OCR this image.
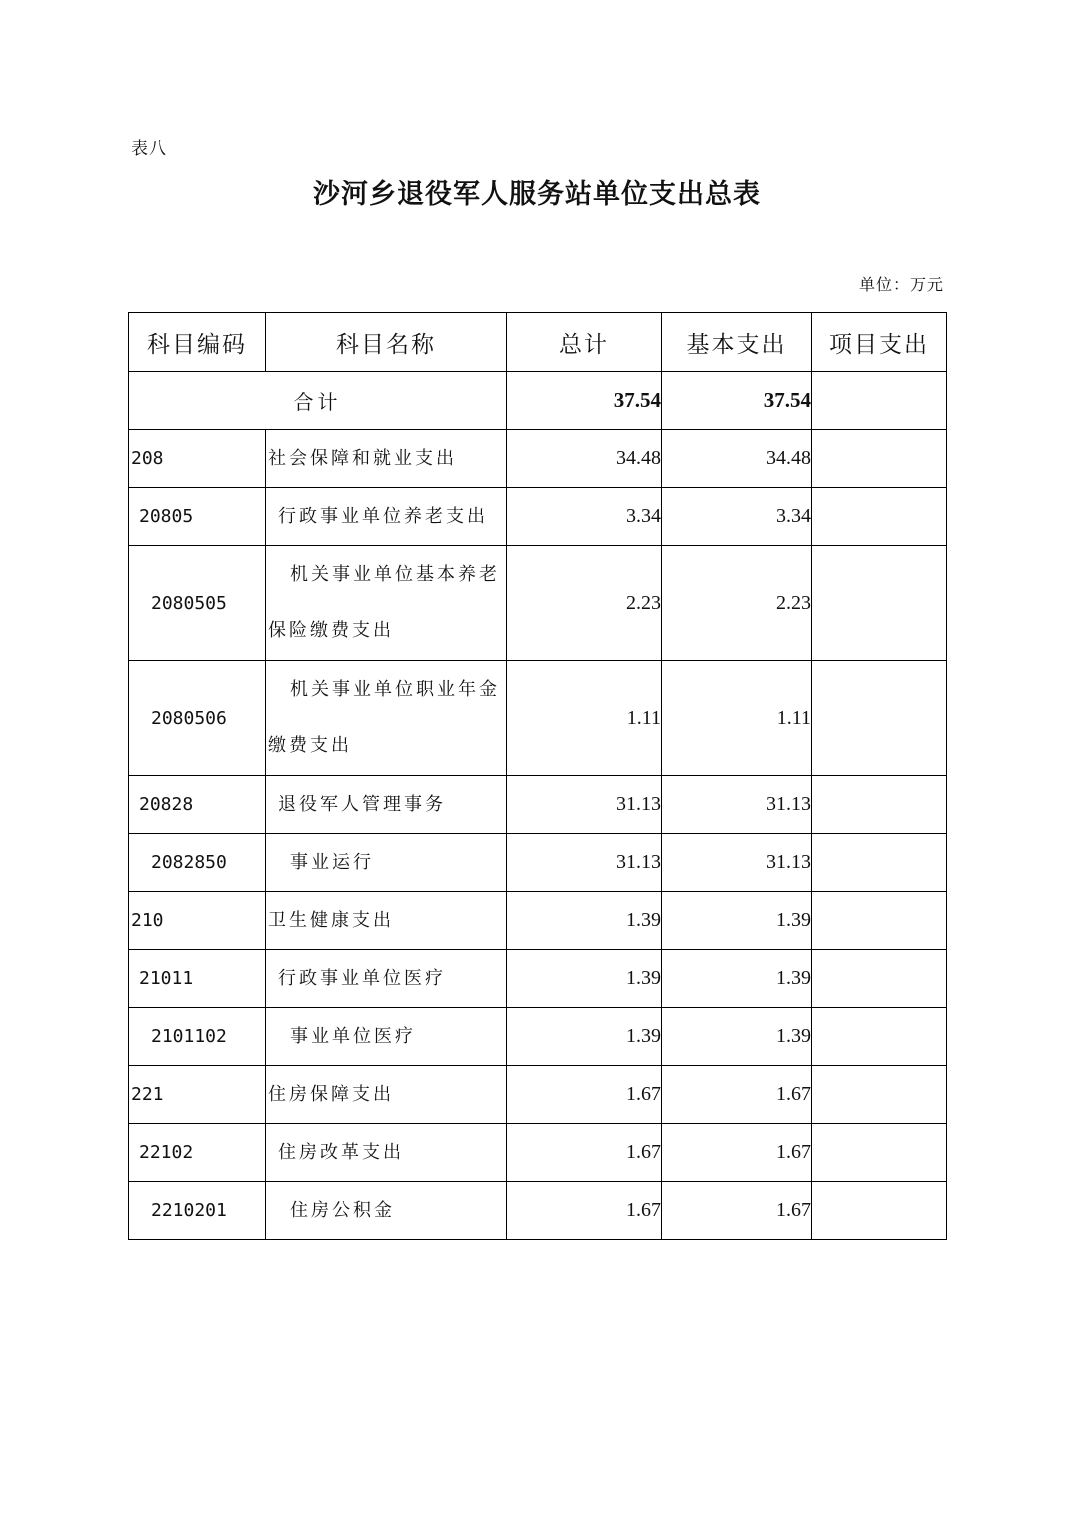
表八
沙河乡退役军人服务站单位支出总表
单位：万元
科目编码	科目名称	总计	基本支出	项目支出
合计		37.54	37.54	
208	社会保障和就业支出	34.48	34.48	
20805	行政事业单位养老支出	3.34	3.34	
2080505	机关事业单位基本养老保险缴费支出	2.23	2.23	
2080506	机关事业单位职业年金缴费支出	1.11	1.11	
20828	退役军人管理事务	31.13	31.13	
2082850	事业运行	31.13	31.13	
210	卫生健康支出	1.39	1.39	
21011	行政事业单位医疗	1.39	1.39	
2101102	事业单位医疗	1.39	1.39	
221	住房保障支出	1.67	1.67	
22102	住房改革支出	1.67	1.67	
2210201	住房公积金	1.67	1.67	
